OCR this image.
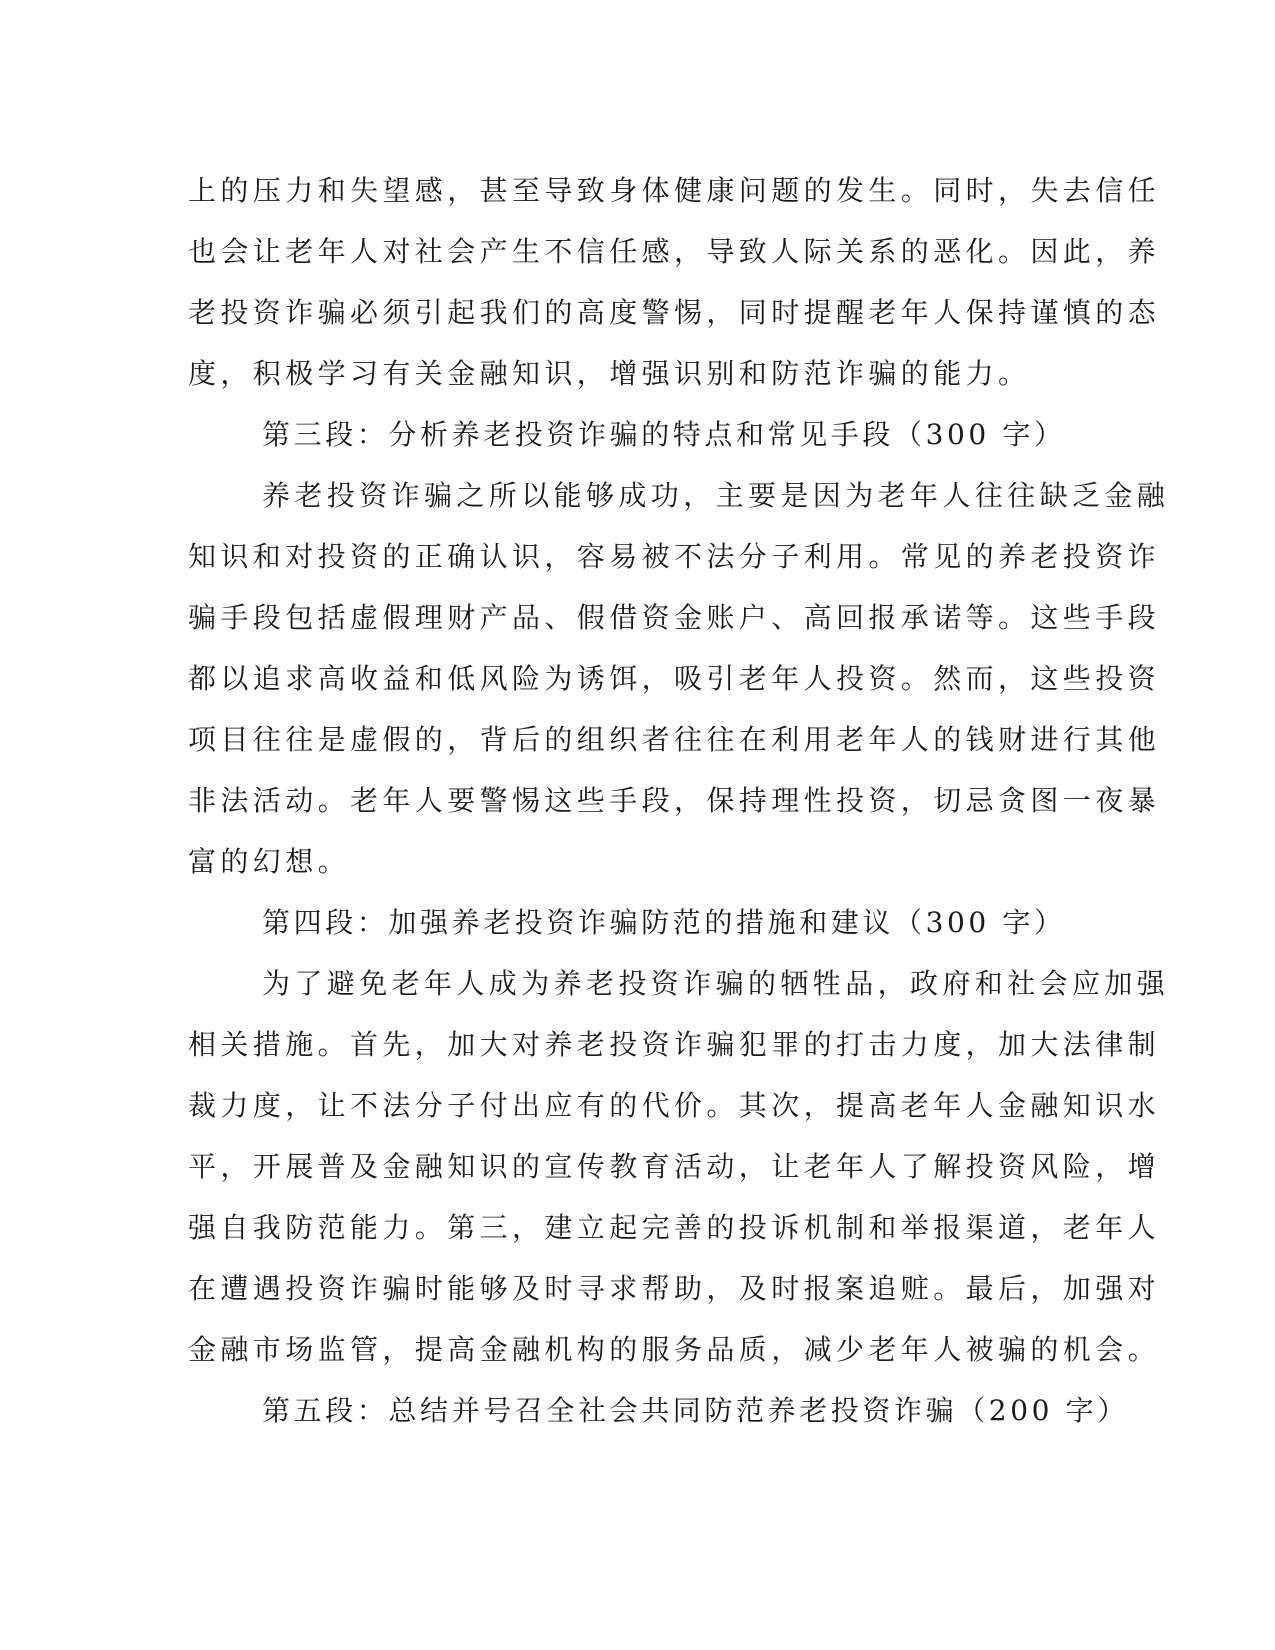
上的压力和失望感，甚至导致身体健康问题的发生。同时，失去信任
也会让老年人对社会产生不信任感，导致人际关系的恶化。因此，养
老投资诈骗必须引起我们的高度警惕，同时提醒老年人保持谨慎的态
度，积极学习有关金融知识，增强识别和防范诈骗的能力。
第三段：分析养老投资诈骗的特点和常见手段（300 字）
养老投资诈骗之所以能够成功，主要是因为老年人往往缺乏金融
知识和对投资的正确认识，容易被不法分子利用。常见的养老投资诈
骗手段包括虚假理财产品、假借资金账户、高回报承诺等。这些手段
都以追求高收益和低风险为诱饵，吸引老年人投资。然而，这些投资
项目往往是虚假的，背后的组织者往往在利用老年人的钱财进行其他
非法活动。老年人要警惕这些手段，保持理性投资，切忌贪图一夜暴
富的幻想。
第四段：加强养老投资诈骗防范的措施和建议（300 字）
为了避免老年人成为养老投资诈骗的牺牲品，政府和社会应加强
相关措施。首先，加大对养老投资诈骗犯罪的打击力度，加大法律制
裁力度，让不法分子付出应有的代价。其次，提高老年人金融知识水
平，开展普及金融知识的宣传教育活动，让老年人了解投资风险，增
强自我防范能力。第三，建立起完善的投诉机制和举报渠道，老年人
在遭遇投资诈骗时能够及时寻求帮助，及时报案追赃。最后，加强对
金融市场监管，提高金融机构的服务品质，减少老年人被骗的机会。
第五段：总结并号召全社会共同防范养老投资诈骗（200 字）
